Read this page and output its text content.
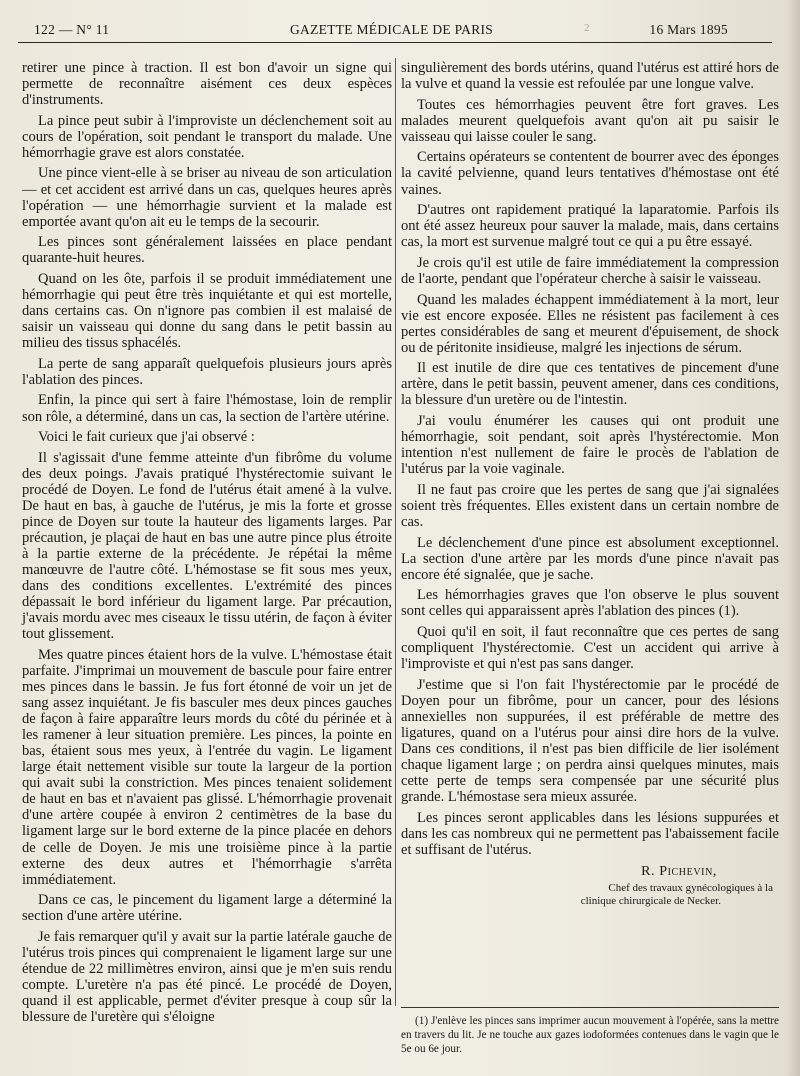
122 — N° 11	GAZETTE MÉDICALE DE PARIS	2	16 Mars 1895

retirer une pince à traction. Il est bon d'avoir un signe qui permette de reconnaître aisément ces deux espèces d'instruments.

La pince peut subir à l'improviste un déclenchement soit au cours de l'opération, soit pendant le transport du malade. Une hémorrhagie grave est alors constatée.

Une pince vient-elle à se briser au niveau de son articulation — et cet accident est arrivé dans un cas, quelques heures après l'opération — une hémorrhagie survient et la malade est emportée avant qu'on ait eu le temps de la secourir.

Les pinces sont généralement laissées en place pendant quarante-huit heures.

Quand on les ôte, parfois il se produit immédiatement une hémorrhagie qui peut être très inquiétante et qui est mortelle, dans certains cas. On n'ignore pas combien il est malaisé de saisir un vaisseau qui donne du sang dans le petit bassin au milieu des tissus sphacélés.

La perte de sang apparaît quelquefois plusieurs jours après l'ablation des pinces.

Enfin, la pince qui sert à faire l'hémostase, loin de remplir son rôle, a déterminé, dans un cas, la section de l'artère utérine.

Voici le fait curieux que j'ai observé :

Il s'agissait d'une femme atteinte d'un fibrôme du volume des deux poings. J'avais pratiqué l'hystérectomie suivant le procédé de Doyen. Le fond de l'utérus était amené à la vulve. De haut en bas, à gauche de l'utérus, je mis la forte et grosse pince de Doyen sur toute la hauteur des ligaments larges. Par précaution, je plaçai de haut en bas une autre pince plus étroite à la partie externe de la précédente. Je répétai la même manœuvre de l'autre côté. L'hémostase se fit sous mes yeux, dans des conditions excellentes. L'extrémité des pinces dépassait le bord inférieur du ligament large. Par précaution, j'avais mordu avec mes ciseaux le tissu utérin, de façon à éviter tout glissement.

Mes quatre pinces étaient hors de la vulve. L'hémostase était parfaite. J'imprimai un mouvement de bascule pour faire entrer mes pinces dans le bassin. Je fus fort étonné de voir un jet de sang assez inquiétant. Je fis basculer mes deux pinces gauches de façon à faire apparaître leurs mords du côté du périnée et à les ramener à leur situation première. Les pinces, la pointe en bas, étaient sous mes yeux, à l'entrée du vagin. Le ligament large était nettement visible sur toute la largeur de la portion qui avait subi la constriction. Mes pinces tenaient solidement de haut en bas et n'avaient pas glissé. L'hémorrhagie provenait d'une artère coupée à environ 2 centimètres de la base du ligament large sur le bord externe de la pince placée en dehors de celle de Doyen. Je mis une troisième pince à la partie externe des deux autres et l'hémorrhagie s'arrêta immédiatement.

Dans ce cas, le pincement du ligament large a déterminé la section d'une artère utérine.

Je fais remarquer qu'il y avait sur la partie latérale gauche de l'utérus trois pinces qui comprenaient le ligament large sur une étendue de 22 millimètres environ, ainsi que je m'en suis rendu compte. L'uretère n'a pas été pincé. Le procédé de Doyen, quand il est applicable, permet d'éviter presque à coup sûr la blessure de l'uretère qui s'éloigne

singulièrement des bords utérins, quand l'utérus est attiré hors de la vulve et quand la vessie est refoulée par une longue valve.

Toutes ces hémorrhagies peuvent être fort graves. Les malades meurent quelquefois avant qu'on ait pu saisir le vaisseau qui laisse couler le sang.

Certains opérateurs se contentent de bourrer avec des éponges la cavité pelvienne, quand leurs tentatives d'hémostase ont été vaines.

D'autres ont rapidement pratiqué la laparatomie. Parfois ils ont été assez heureux pour sauver la malade, mais, dans certains cas, la mort est survenue malgré tout ce qui a pu être essayé.

Je crois qu'il est utile de faire immédiatement la compression de l'aorte, pendant que l'opérateur cherche à saisir le vaisseau.

Quand les malades échappent immédiatement à la mort, leur vie est encore exposée. Elles ne résistent pas facilement à ces pertes considérables de sang et meurent d'épuisement, de shock ou de péritonite insidieuse, malgré les injections de sérum.

Il est inutile de dire que ces tentatives de pincement d'une artère, dans le petit bassin, peuvent amener, dans ces conditions, la blessure d'un uretère ou de l'intestin.

J'ai voulu énumérer les causes qui ont produit une hémorrhagie, soit pendant, soit après l'hystérectomie. Mon intention n'est nullement de faire le procès de l'ablation de l'utérus par la voie vaginale.

Il ne faut pas croire que les pertes de sang que j'ai signalées soient très fréquentes. Elles existent dans un certain nombre de cas.

Le déclenchement d'une pince est absolument exceptionnel. La section d'une artère par les mords d'une pince n'avait pas encore été signalée, que je sache.

Les hémorrhagies graves que l'on observe le plus souvent sont celles qui apparaissent après l'ablation des pinces (1).

Quoi qu'il en soit, il faut reconnaître que ces pertes de sang compliquent l'hystérectomie. C'est un accident qui arrive à l'improviste et qui n'est pas sans danger.

J'estime que si l'on fait l'hystérectomie par le procédé de Doyen pour un fibrôme, pour un cancer, pour des lésions annexielles non suppurées, il est préférable de mettre des ligatures, quand on a l'utérus pour ainsi dire hors de la vulve. Dans ces conditions, il n'est pas bien difficile de lier isolément chaque ligament large ; on perdra ainsi quelques minutes, mais cette perte de temps sera compensée par une sécurité plus grande. L'hémostase sera mieux assurée.

Les pinces seront applicables dans les lésions suppurées et dans les cas nombreux qui ne permettent pas l'abaissement facile et suffisant de l'utérus.

R. Pichevin,
Chef des travaux gynécologiques à la
clinique chirurgicale de Necker.
(1) J'enlève les pinces sans imprimer aucun mouvement à l'opérée, sans la mettre en travers du lit. Je ne touche aux gazes iodoformées contenues dans le vagin que le 5e ou 6e jour.
